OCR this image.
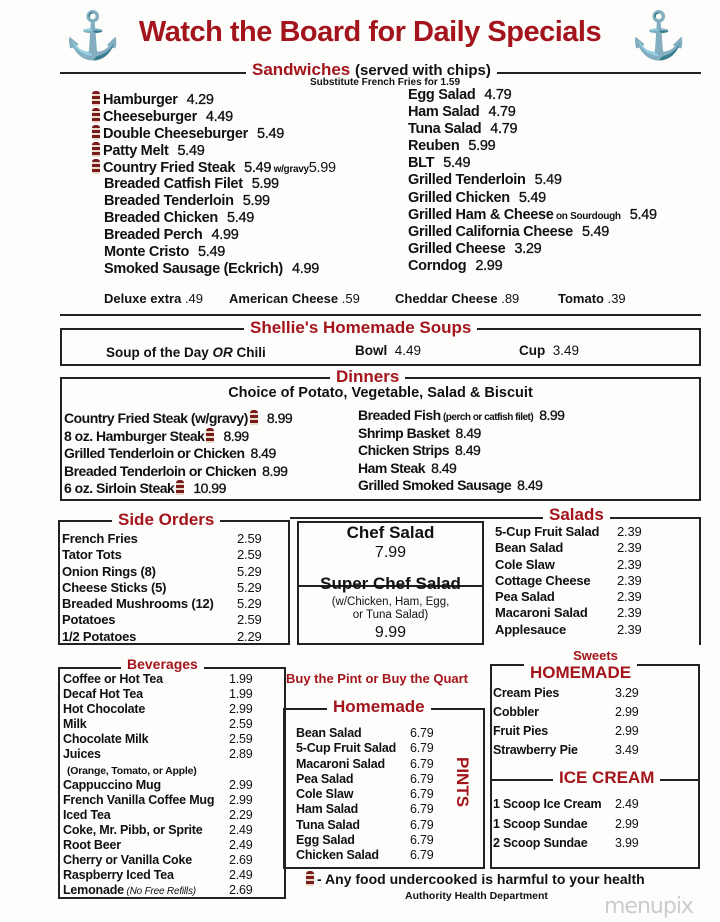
⚓	⚓
Watch the Board for Daily Specials
Sandwiches (served with chips)
Substitute French Fries for 1.59
Hamburger 4.29
Cheeseburger 4.49
Double Cheeseburger 5.49
Patty Melt 5.49
Country Fried Steak 5.49 w/gravy5.99
Breaded Catfish Filet 5.99
Breaded Tenderloin 5.99
Breaded Chicken 5.49
Breaded Perch 4.99
Monte Cristo 5.49
Smoked Sausage (Eckrich) 4.99
Egg Salad 4.79
Ham Salad 4.79
Tuna Salad 4.79
Reuben 5.99
BLT 5.49
Grilled Tenderloin 5.49
Grilled Chicken 5.49
Grilled Ham & Cheese on Sourdough 5.49
Grilled California Cheese 5.49
Grilled Cheese 3.29
Corndog 2.99
Deluxe extra .49 American Cheese .59	Cheddar Cheese .89	Tomato .39
Shellie's Homemade Soups
Soup of the Day OR Chili	Bowl 4.49	Cup 3.49
Dinners
Choice of Potato, Vegetable, Salad & Biscuit
Country Fried Steak (w/gravy) 8.99
8 oz. Hamburger Steak 8.99
Grilled Tenderloin or Chicken 8.49
Breaded Tenderloin or Chicken 8.99
6 oz. Sirloin Steak 10.99
Breaded Fish (perch or catfish filet) 8.99
Shrimp Basket 8.49
Chicken Strips 8.49
Ham Steak 8.49
Grilled Smoked Sausage 8.49
Side Orders
French Fries	2.59
Tator Tots	2.59
Onion Rings (8)	5.29
Cheese Sticks (5)	5.29
Breaded Mushrooms (12) 5.29
Potatoes	2.59
1/2 Potatoes	2.29
Chef Salad
7.99
Super Chef Salad
(w/Chicken, Ham, Egg,
or Tuna Salad)
9.99
Salads
5-Cup Fruit Salad 2.39
Bean Salad	2.39
Cole Slaw	2.39
Cottage Cheese 2.39
Pea Salad	2.39
Macaroni Salad 2.39
Applesauce	2.39
Beverages
Coffee or Hot Tea	1.99
Decaf Hot Tea	1.99
Hot Chocolate	2.99
Milk	2.59
Chocolate Milk	2.59
Juices	2.89
(Orange, Tomato, or Apple)
Cappuccino Mug	2.99
French Vanilla Coffee Mug 2.99
Iced Tea	2.29
Coke, Mr. Pibb, or Sprite 2.49
Root Beer	2.49
Cherry or Vanilla Coke	2.69
Raspberry Iced Tea	2.49
Lemonade (No Free Refills)	2.69
Buy the Pint or Buy the Quart
Homemade
Bean Salad	6.79
5-Cup Fruit Salad 6.79
Macaroni Salad 6.79
Pea Salad	6.79
Cole Slaw	6.79
Ham Salad	6.79
Tuna Salad	6.79
Egg Salad	6.79
Chicken Salad 6.79
PINTS
Sweets
HOMEMADE
Cream Pies	3.29
Cobbler	2.99
Fruit Pies	2.99
Strawberry Pie	3.49
ICE CREAM
1 Scoop Ice Cream 2.49
1 Scoop Sundae 2.99
2 Scoop Sundae 3.99
- Any food undercooked is harmful to your health
Authority Health Department	menupix
